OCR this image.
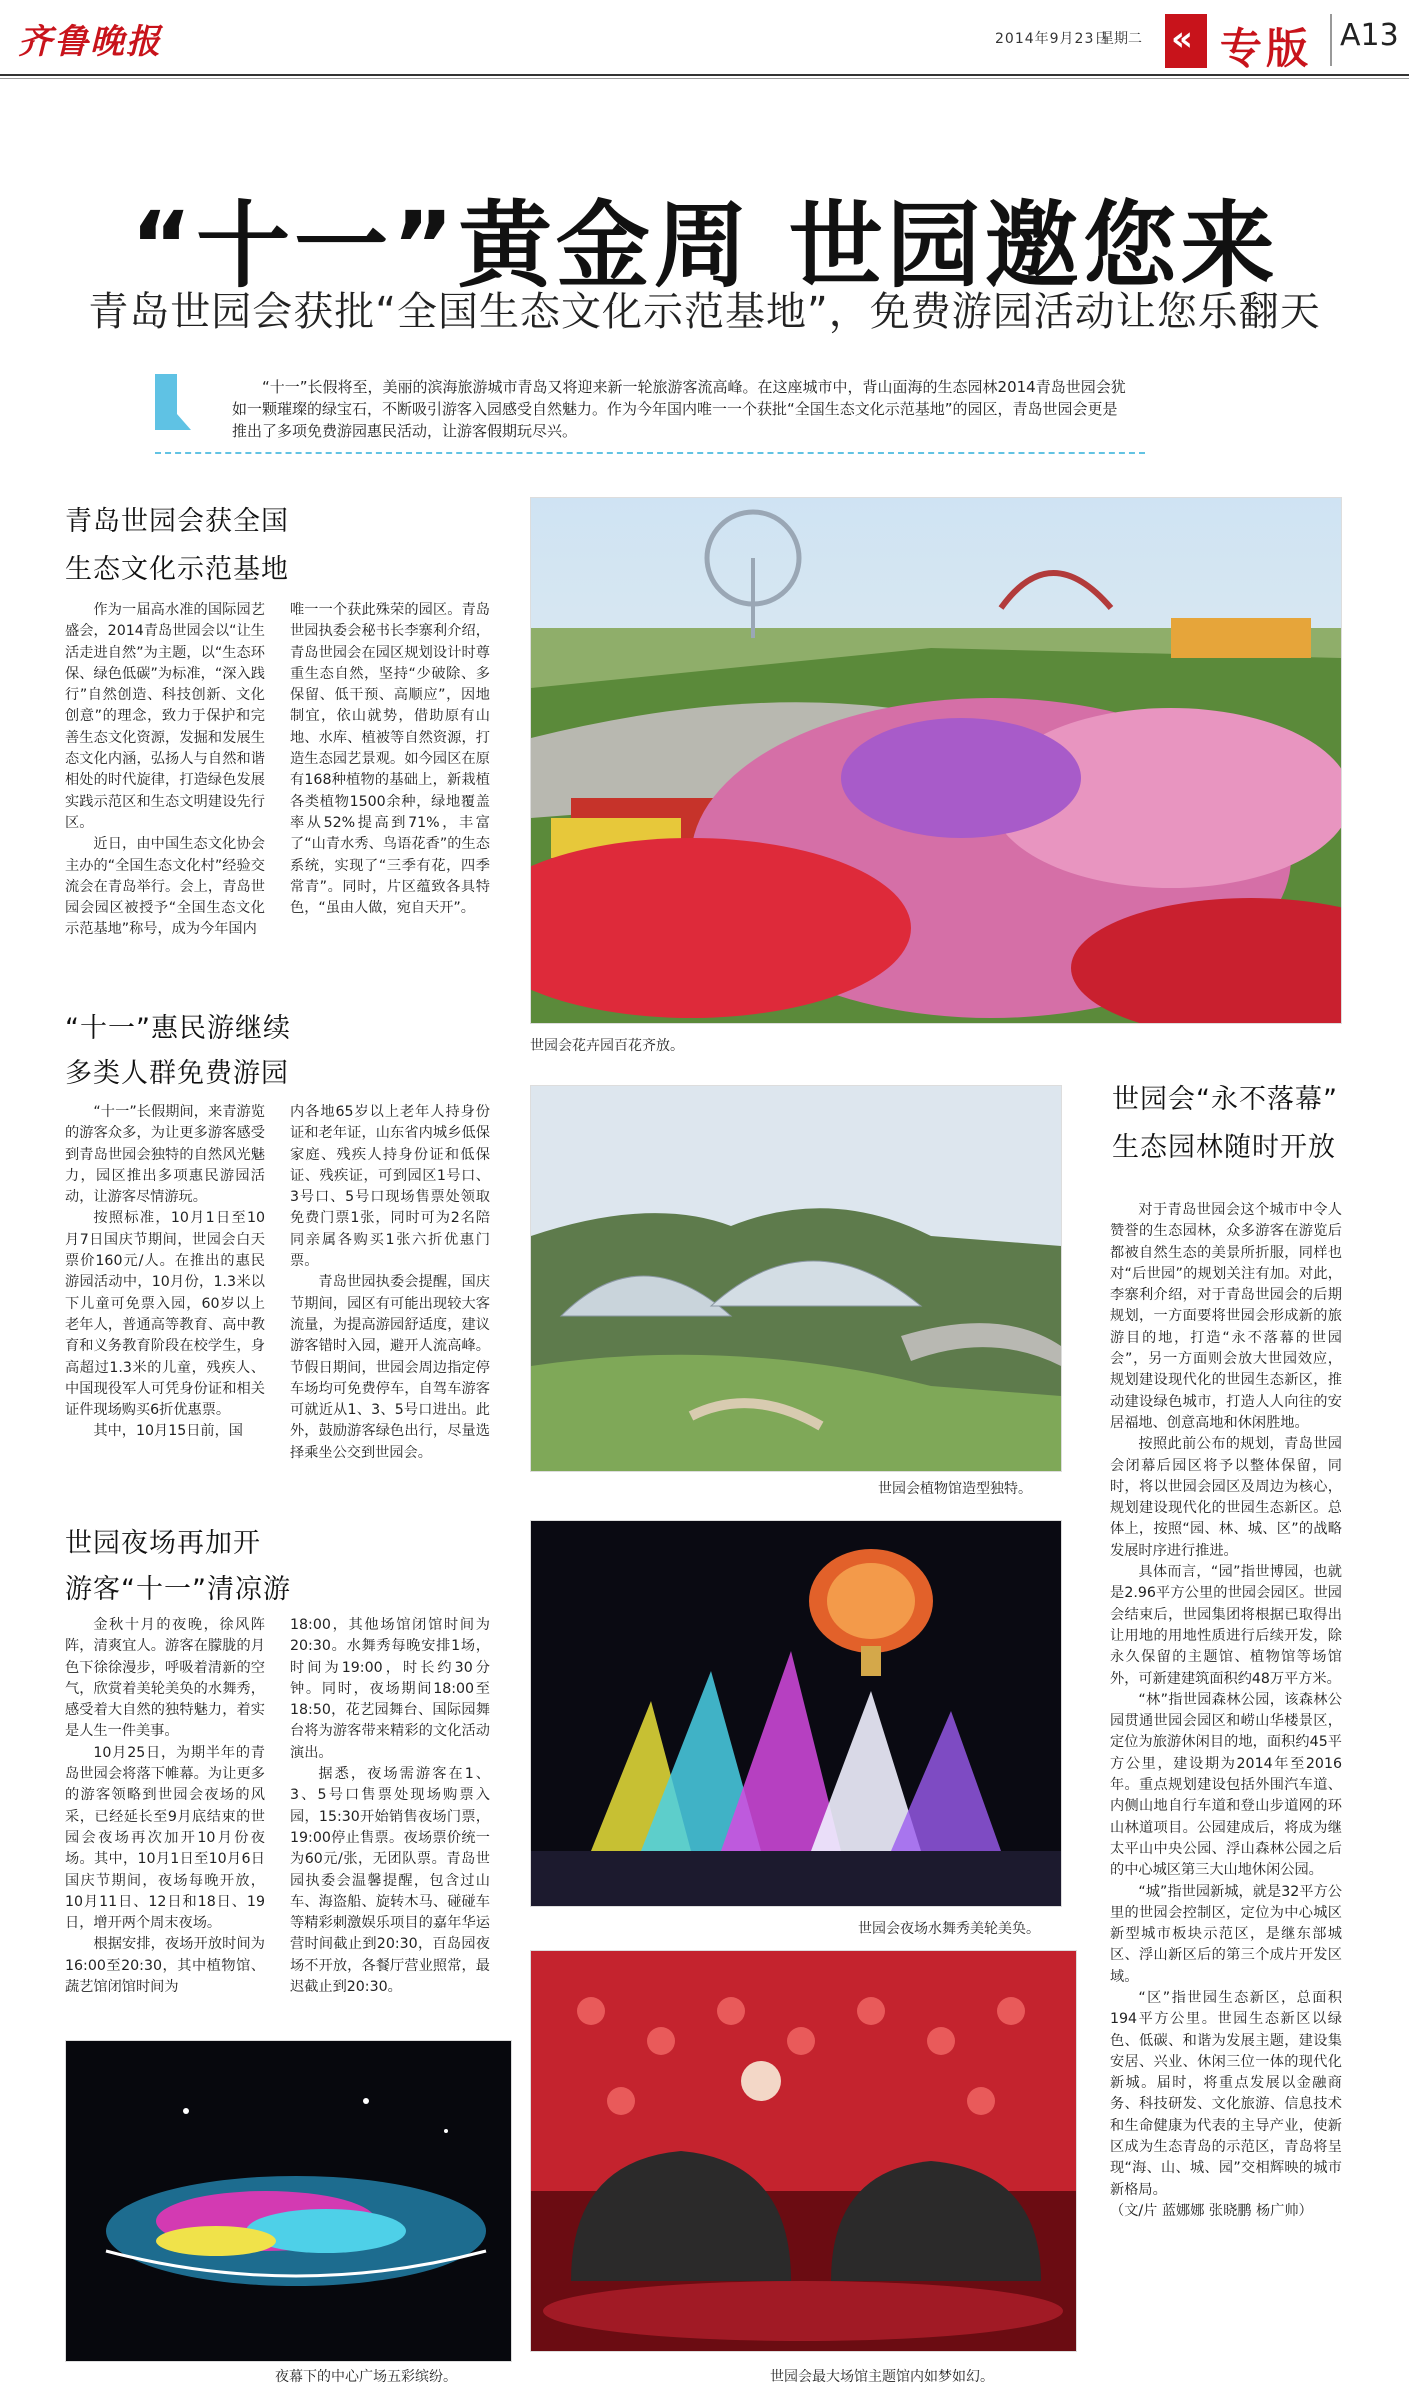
齐鲁晚报	2014年9月23日
星期二 « 专版 A13
“十一”黄金周 世园邀您来
青岛世园会获批“全国生态文化示范基地”，免费游园活动让您乐翻天
“十一”长假将至，美丽的滨海旅游城市青岛又将迎来新一轮旅游客流高峰。在这座城市中，背山面海的生态园林2014青岛世园会犹如一颗璀璨的绿宝石，不断吸引游客入园感受自然魅力。作为今年国内唯一一个获批“全国生态文化示范基地”的园区，青岛世园会更是推出了多项免费游园惠民活动，让游客假期玩尽兴。
青岛世园会获全国
生态文化示范基地

作为一届高水准的国际园艺盛会，2014青岛世园会以“让生活走进自然”为主题，以“生态环保、绿色低碳”为标准，“深入践行”自然创造、科技创新、文化创意”的理念，致力于保护和完善生态文化资源，发掘和发展生态文化内涵，弘扬人与自然和谐相处的时代旋律，打造绿色发展实践示范区和生态文明建设先行区。

近日，由中国生态文化协会主办的“全国生态文化村”经验交流会在青岛举行。会上，青岛世园会园区被授予“全国生态文化示范基地”称号，成为今年国内

唯一一个获此殊荣的园区。青岛世园执委会秘书长李寨利介绍，青岛世园会在园区规划设计时尊重生态自然，坚持“少破除、多保留、低干预、高顺应”，因地制宜，依山就势，借助原有山地、水库、植被等自然资源，打造生态园艺景观。如今园区在原有168种植物的基础上，新栽植各类植物1500余种，绿地覆盖率从52%提高到71%，丰富了“山青水秀、鸟语花香”的生态系统，实现了“三季有花，四季常青”。同时，片区蕴致各具特色，“虽由人做，宛自天开”。

世园会花卉园百花齐放。
“十一”惠民游继续
多类人群免费游园

“十一”长假期间，来青游览的游客众多，为让更多游客感受到青岛世园会独特的自然风光魅力，园区推出多项惠民游园活动，让游客尽情游玩。

按照标准，10月1日至10月7日国庆节期间，世园会白天票价160元/人。在推出的惠民游园活动中，10月份，1.3米以下儿童可免票入园，60岁以上老年人，普通高等教育、高中教育和义务教育阶段在校学生，身高超过1.3米的儿童，残疾人、中国现役军人可凭身份证和相关证件现场购买6折优惠票。

其中，10月15日前，国

内各地65岁以上老年人持身份证和老年证，山东省内城乡低保家庭、残疾人持身份证和低保证、残疾证，可到园区1号口、3号口、5号口现场售票处领取免费门票1张，同时可为2名陪同亲属各购买1张六折优惠门票。

青岛世园执委会提醒，国庆节期间，园区有可能出现较大客流量，为提高游园舒适度，建议游客错时入园，避开人流高峰。节假日期间，世园会周边指定停车场均可免费停车，自驾车游客可就近从1、3、5号口进出。此外，鼓励游客绿色出行，尽量选择乘坐公交到世园会。

世园会植物馆造型独特。
世园会“永不落幕”
生态园林随时开放

对于青岛世园会这个城市中令人赞誉的生态园林，众多游客在游览后都被自然生态的美景所折服，同样也对“后世园”的规划关注有加。对此，李寨利介绍，对于青岛世园会的后期规划，一方面要将世园会形成新的旅游目的地，打造“永不落幕的世园会”，另一方面则会放大世园效应，规划建设现代化的世园生态新区，推动建设绿色城市，打造人人向往的安居福地、创意高地和休闲胜地。

按照此前公布的规划，青岛世园会闭幕后园区将予以整体保留，同时，将以世园会园区及周边为核心，规划建设现代化的世园生态新区。总体上，按照“园、林、城、区”的战略发展时序进行推进。

具体而言，“园”指世博园，也就是2.96平方公里的世园会园区。世园会结束后，世园集团将根据已取得出让用地的用地性质进行后续开发，除永久保留的主题馆、植物馆等场馆外，可新建建筑面积约48万平方米。

“林”指世园森林公园，该森林公园贯通世园会园区和崂山华楼景区，定位为旅游休闲目的地，面积约45平方公里，建设期为2014年至2016年。重点规划建设包括外围汽车道、内侧山地自行车道和登山步道网的环山林道项目。公园建成后，将成为继太平山中央公园、浮山森林公园之后的中心城区第三大山地休闲公园。

“城”指世园新城，就是32平方公里的世园会控制区，定位为中心城区新型城市板块示范区，是继东部城区、浮山新区后的第三个成片开发区域。

“区”指世园生态新区，总面积194平方公里。世园生态新区以绿色、低碳、和谐为发展主题，建设集安居、兴业、休闲三位一体的现代化新城。届时，将重点发展以金融商务、科技研发、文化旅游、信息技术和生命健康为代表的主导产业，使新区成为生态青岛的示范区，青岛将呈现“海、山、城、园”交相辉映的城市新格局。

（文/片 蓝娜娜 张晓鹏 杨广帅）

世园夜场再加开
游客“十一”清凉游

金秋十月的夜晚，徐风阵阵，清爽宜人。游客在朦胧的月色下徐徐漫步，呼吸着清新的空气，欣赏着美轮美奂的水舞秀，感受着大自然的独特魅力，着实是人生一件美事。

10月25日，为期半年的青岛世园会将落下帷幕。为让更多的游客领略到世园会夜场的风采，已经延长至9月底结束的世园会夜场再次加开10月份夜场。其中，10月1日至10月6日国庆节期间，夜场每晚开放，10月11日、12日和18日、19日，增开两个周末夜场。

根据安排，夜场开放时间为16:00至20:30，其中植物馆、蔬艺馆闭馆时间为

18:00，其他场馆闭馆时间为20:30。水舞秀每晚安排1场，时间为19:00，时长约30分钟。同时，夜场期间18:00至18:50，花艺园舞台、国际园舞台将为游客带来精彩的文化活动演出。

据悉，夜场需游客在1、3、5号口售票处现场购票入园，15:30开始销售夜场门票，19:00停止售票。夜场票价统一为60元/张，无团队票。青岛世园执委会温馨提醒，包含过山车、海盗船、旋转木马、碰碰车等精彩刺激娱乐项目的嘉年华运营时间截止到20:30，百岛园夜场不开放，各餐厅营业照常，最迟截止到20:30。

世园会夜场水舞秀美轮美奂。
夜幕下的中心广场五彩缤纷。	世园会最大场馆主题馆内如梦如幻。
